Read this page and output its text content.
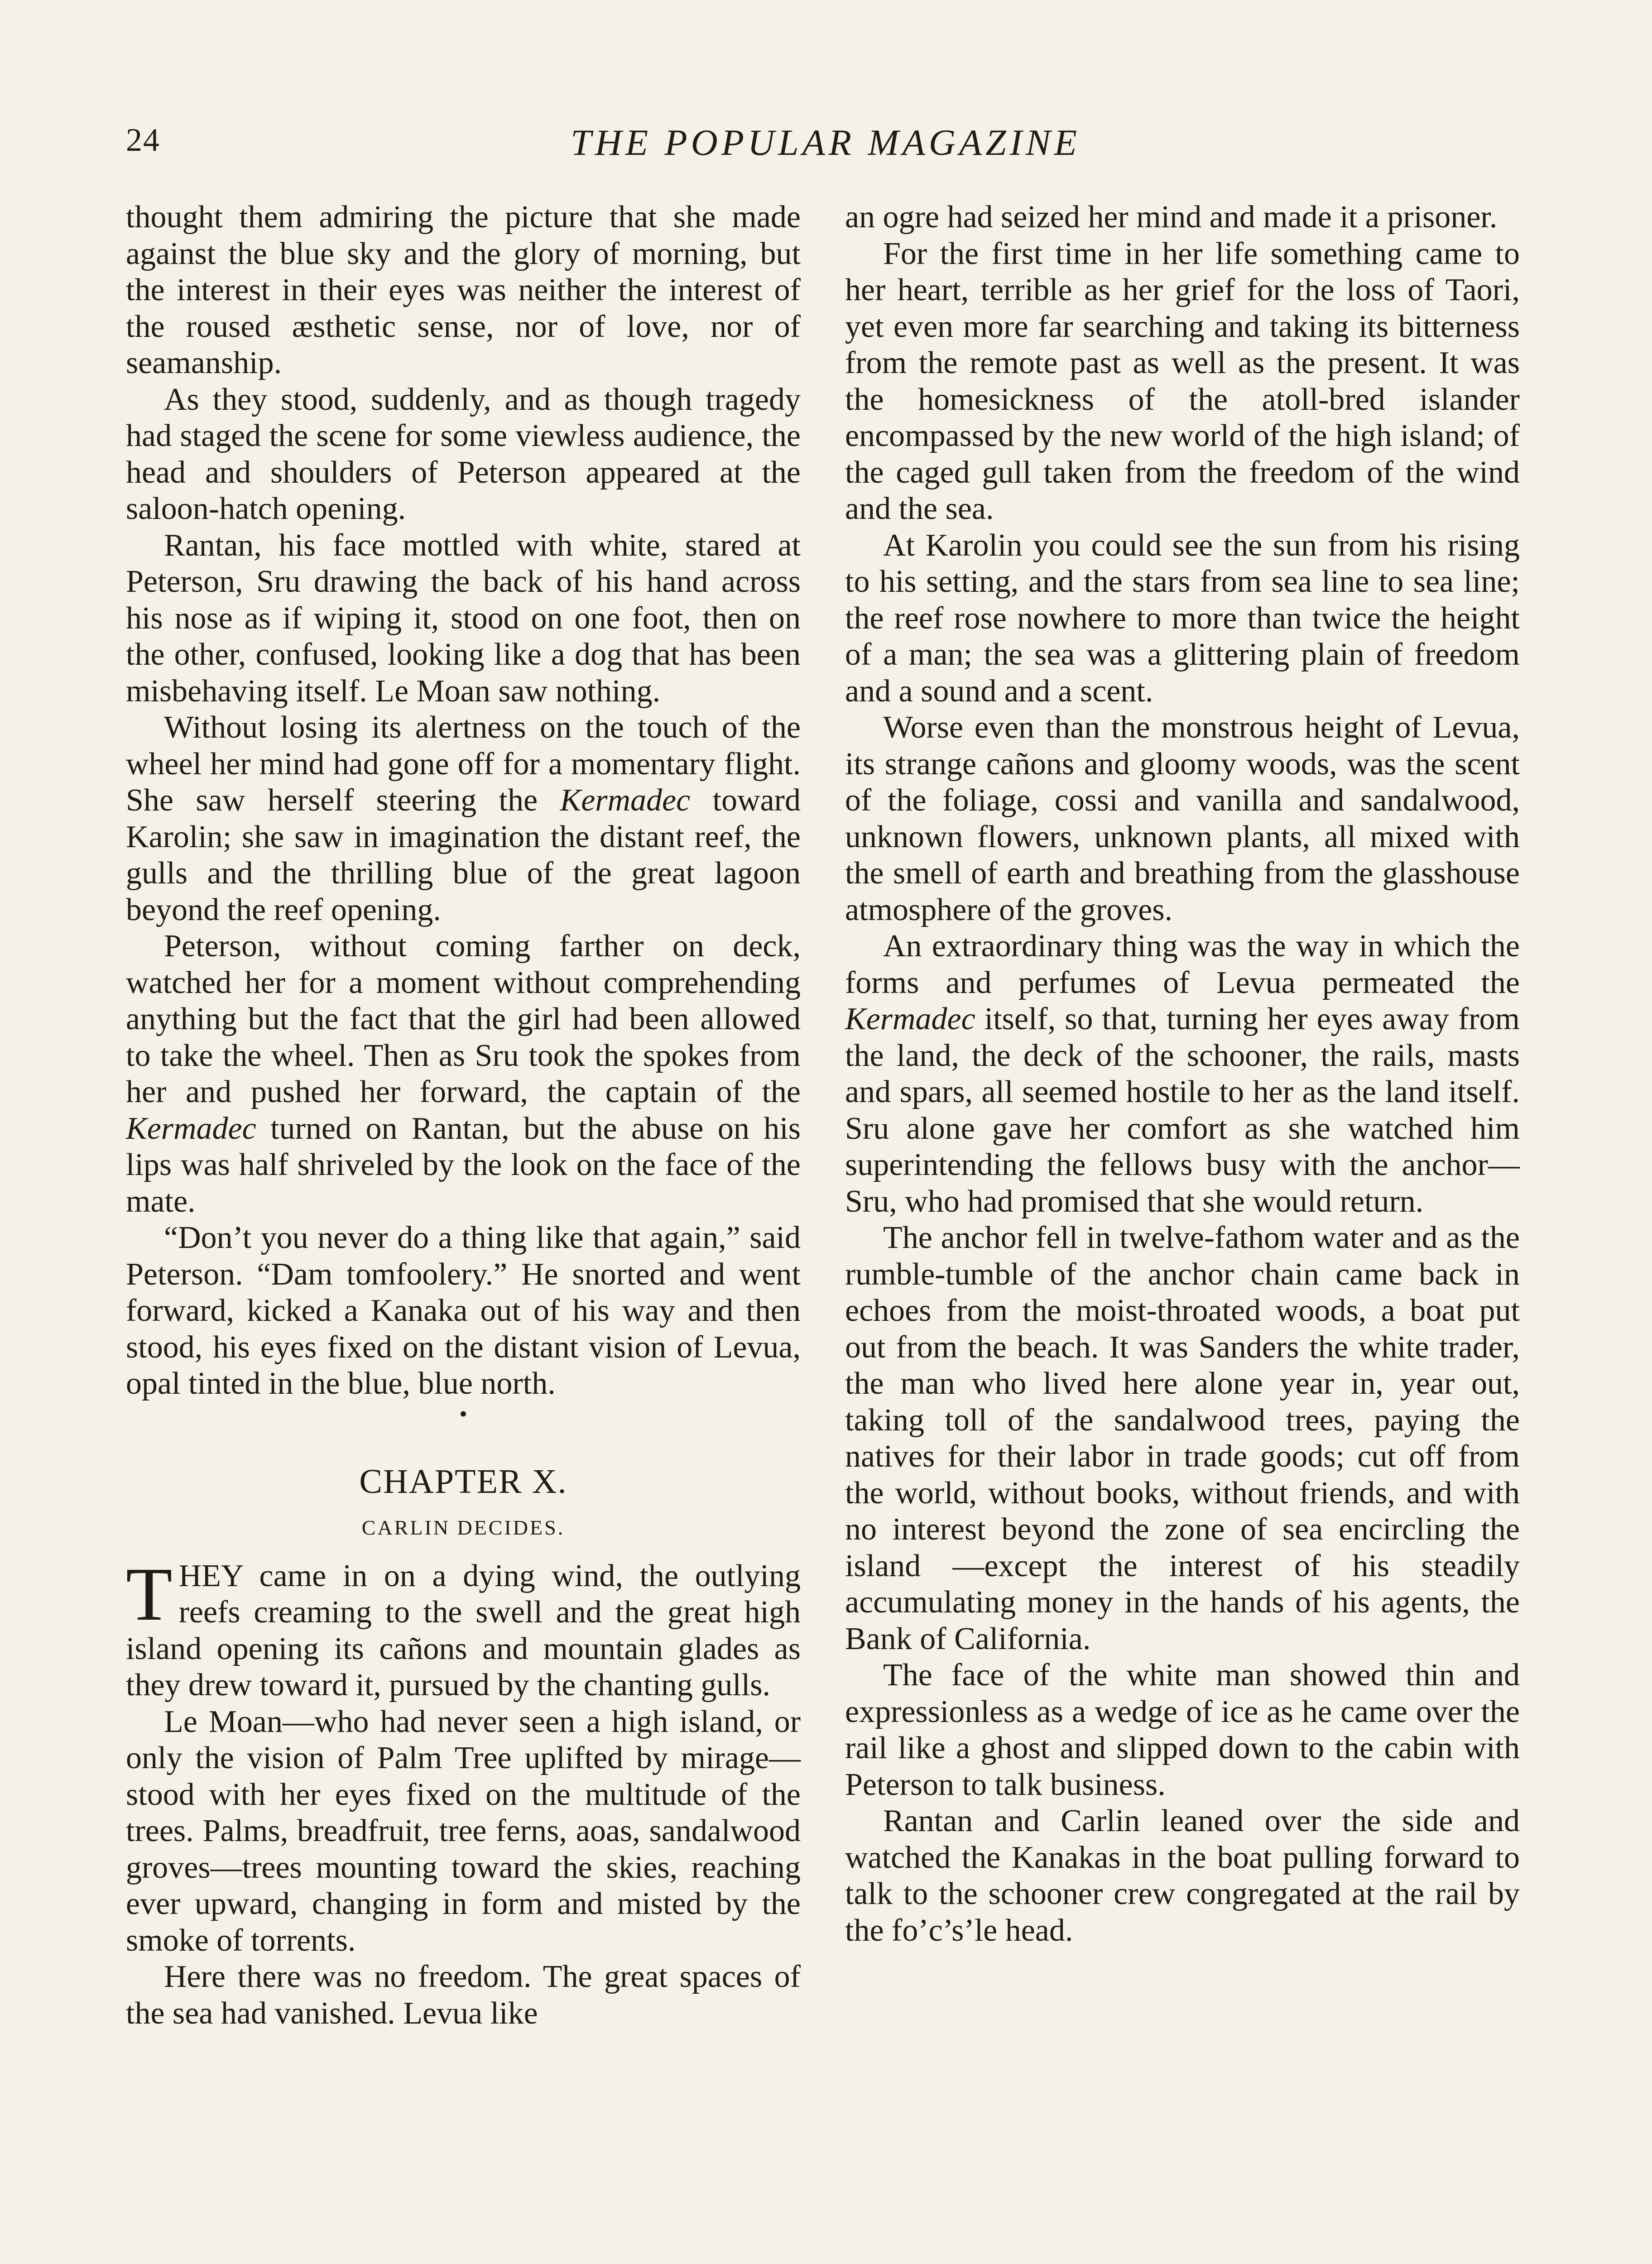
24	THE POPULAR MAGAZINE

thought them admiring the picture that she made against the blue sky and the glory of morning, but the interest in their eyes was neither the interest of the roused æsthetic sense, nor of love, nor of seamanship.

As they stood, suddenly, and as though tragedy had staged the scene for some viewless audience, the head and shoulders of Peterson appeared at the saloon-hatch opening.

Rantan, his face mottled with white, stared at Peterson, Sru drawing the back of his hand across his nose as if wiping it, stood on one foot, then on the other, confused, looking like a dog that has been misbehaving itself. Le Moan saw nothing.

Without losing its alertness on the touch of the wheel her mind had gone off for a momentary flight. She saw herself steering the Kermadec toward Karolin; she saw in imagination the distant reef, the gulls and the thrilling blue of the great lagoon beyond the reef opening.

Peterson, without coming farther on deck, watched her for a moment without comprehending anything but the fact that the girl had been allowed to take the wheel. Then as Sru took the spokes from her and pushed her forward, the captain of the Kermadec turned on Rantan, but the abuse on his lips was half shriveled by the look on the face of the mate.

“Don’t you never do a thing like that again,” said Peterson. “Dam tomfoolery.” He snorted and went forward, kicked a Kanaka out of his way and then stood, his eyes fixed on the distant vision of Levua, opal tinted in the blue, blue north.

•
CHAPTER X.
CARLIN DECIDES.

THEY came in on a dying wind, the outlying reefs creaming to the swell and the great high island opening its cañons and mountain glades as they drew toward it, pursued by the chanting gulls.

Le Moan—who had never seen a high island, or only the vision of Palm Tree uplifted by mirage—stood with her eyes fixed on the multitude of the trees. Palms, breadfruit, tree ferns, aoas, sandalwood groves—trees mounting toward the skies, reaching ever upward, changing in form and misted by the smoke of torrents.

Here there was no freedom. The great spaces of the sea had vanished. Levua like

an ogre had seized her mind and made it a prisoner.

For the first time in her life something came to her heart, terrible as her grief for the loss of Taori, yet even more far searching and taking its bitterness from the remote past as well as the present. It was the homesickness of the atoll-bred islander encompassed by the new world of the high island; of the caged gull taken from the freedom of the wind and the sea.

At Karolin you could see the sun from his rising to his setting, and the stars from sea line to sea line; the reef rose nowhere to more than twice the height of a man; the sea was a glittering plain of freedom and a sound and a scent.

Worse even than the monstrous height of Levua, its strange cañons and gloomy woods, was the scent of the foliage, cossi and vanilla and sandalwood, unknown flowers, unknown plants, all mixed with the smell of earth and breathing from the glasshouse atmosphere of the groves.

An extraordinary thing was the way in which the forms and perfumes of Levua permeated the Kermadec itself, so that, turning her eyes away from the land, the deck of the schooner, the rails, masts and spars, all seemed hostile to her as the land itself. Sru alone gave her comfort as she watched him superintending the fellows busy with the anchor—Sru, who had promised that she would return.

The anchor fell in twelve-fathom water and as the rumble-tumble of the anchor chain came back in echoes from the moist-throated woods, a boat put out from the beach. It was Sanders the white trader, the man who lived here alone year in, year out, taking toll of the sandalwood trees, paying the natives for their labor in trade goods; cut off from the world, without books, without friends, and with no interest beyond the zone of sea encircling the island —except the interest of his steadily accumulating money in the hands of his agents, the Bank of California.

The face of the white man showed thin and expressionless as a wedge of ice as he came over the rail like a ghost and slipped down to the cabin with Peterson to talk business.

Rantan and Carlin leaned over the side and watched the Kanakas in the boat pulling forward to talk to the schooner crew congregated at the rail by the fo’c’s’le head.
